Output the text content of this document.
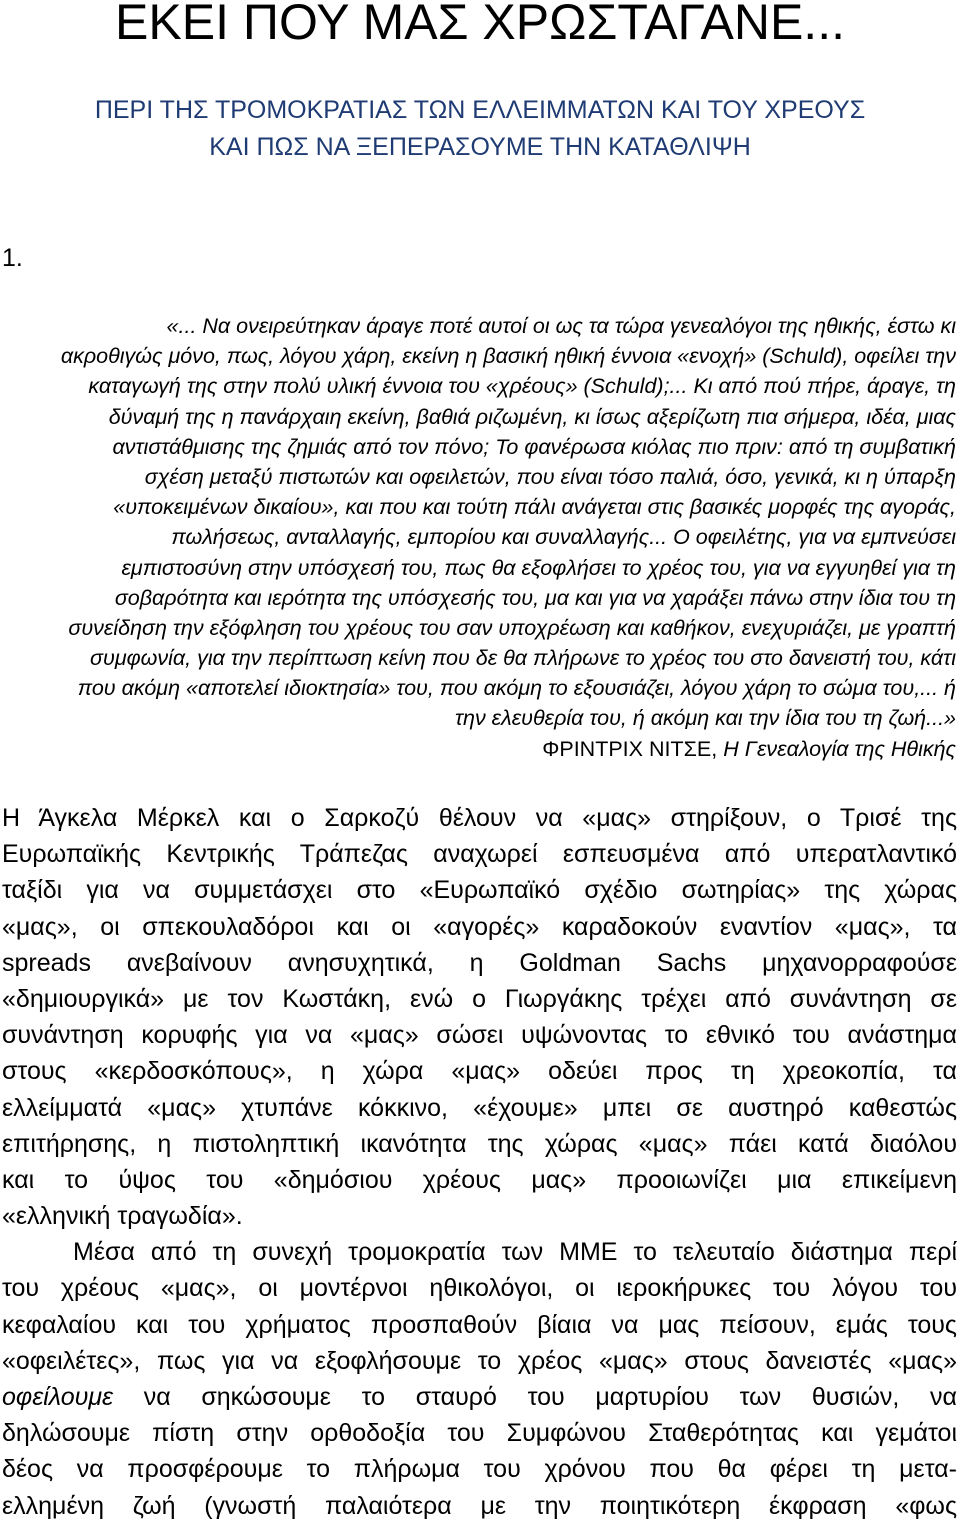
ΕΚΕΙ ΠΟΥ ΜΑΣ ΧΡΩΣΤΑΓΑΝΕ...
ΠΕΡΙ ΤΗΣ ΤΡΟΜΟΚΡΑΤΙΑΣ ΤΩΝ ΕΛΛΕΙΜΜΑΤΩΝ ΚΑΙ ΤΟΥ ΧΡΕΟΥΣ
ΚΑΙ ΠΩΣ ΝΑ ΞΕΠΕΡΑΣΟΥΜΕ ΤΗΝ ΚΑΤΑΘΛΙΨΗ
1.
«... Να ονειρεύτηκαν άραγε ποτέ αυτοί οι ως τα τώρα γενεαλόγοι της ηθικής, έστω κι
ακροθιγώς μόνο, πως, λόγου χάρη, εκείνη η βασική ηθική έννοια «ενοχή» (Schuld), οφείλει την
καταγωγή της στην πολύ υλική έννοια του «χρέους» (Schuld);... Κι από πού πήρε, άραγε, τη
δύναμή της η πανάρχαιη εκείνη, βαθιά ριζωμένη, κι ίσως αξερίζωτη πια σήμερα, ιδέα, μιας
αντιστάθμισης της ζημιάς από τον πόνο; Το φανέρωσα κιόλας πιο πριν: από τη συμβατική
σχέση μεταξύ πιστωτών και οφειλετών, που είναι τόσο παλιά, όσο, γενικά, κι η ύπαρξη
«υποκειμένων δικαίου», και που και τούτη πάλι ανάγεται στις βασικές μορφές της αγοράς,
πωλήσεως, ανταλλαγής, εμπορίου και συναλλαγής... Ο οφειλέτης, για να εμπνεύσει
εμπιστοσύνη στην υπόσχεσή του, πως θα εξοφλήσει το χρέος του, για να εγγυηθεί για τη
σοβαρότητα και ιερότητα της υπόσχεσής του, μα και για να χαράξει πάνω στην ίδια του τη
συνείδηση την εξόφληση του χρέους του σαν υποχρέωση και καθήκον, ενεχυριάζει, με γραπτή
συμφωνία, για την περίπτωση κείνη που δε θα πλήρωνε το χρέος του στο δανειστή του, κάτι
που ακόμη «αποτελεί ιδιοκτησία» του, που ακόμη το εξουσιάζει, λόγου χάρη το σώμα του,... ή
την ελευθερία του, ή ακόμη και την ίδια του τη ζωή...»
ΦΡΙΝΤΡΙΧ ΝΙΤΣΕ, Η Γενεαλογία της Ηθικής
Η Άγκελα Μέρκελ και ο Σαρκοζύ θέλουν να «μας» στηρίξουν, ο Τρισέ της
Ευρωπαϊκής Κεντρικής Τράπεζας αναχωρεί εσπευσμένα από υπερατλαντικό
ταξίδι για να συμμετάσχει στο «Ευρωπαϊκό σχέδιο σωτηρίας» της χώρας
«μας», οι σπεκουλαδόροι και οι «αγορές» καραδοκούν εναντίον «μας», τα
spreads ανεβαίνουν ανησυχητικά, η Goldman Sachs μηχανορραφούσε
«δημιουργικά» με τον Κωστάκη, ενώ ο Γιωργάκης τρέχει από συνάντηση σε
συνάντηση κορυφής για να «μας» σώσει υψώνοντας το εθνικό του ανάστημα
στους «κερδοσκόπους», η χώρα «μας» οδεύει προς τη χρεοκοπία, τα
ελλείμματά «μας» χτυπάνε κόκκινο, «έχουμε» μπει σε αυστηρό καθεστώς
επιτήρησης, η πιστοληπτική ικανότητα της χώρας «μας» πάει κατά διαόλου
και το ύψος του «δημόσιου χρέους μας» προοιωνίζει μια επικείμενη
«ελληνική τραγωδία».
Μέσα από τη συνεχή τρομοκρατία των ΜΜΕ το τελευταίο διάστημα περί
του χρέους «μας», οι μοντέρνοι ηθικολόγοι, οι ιεροκήρυκες του λόγου του
κεφαλαίου και του χρήματος προσπαθούν βίαια να μας πείσουν, εμάς τους
«οφειλέτες», πως για να εξοφλήσουμε το χρέος «μας» στους δανειστές «μας»
οφείλουμε να σηκώσουμε το σταυρό του μαρτυρίου των θυσιών, να
δηλώσουμε πίστη στην ορθοδοξία του Συμφώνου Σταθερότητας και γεμάτοι
δέος να προσφέρουμε το πλήρωμα του χρόνου που θα φέρει τη μετα-
ελλημένη ζωή (γνωστή παλαιότερα με την ποιητικότερη έκφραση «φως
